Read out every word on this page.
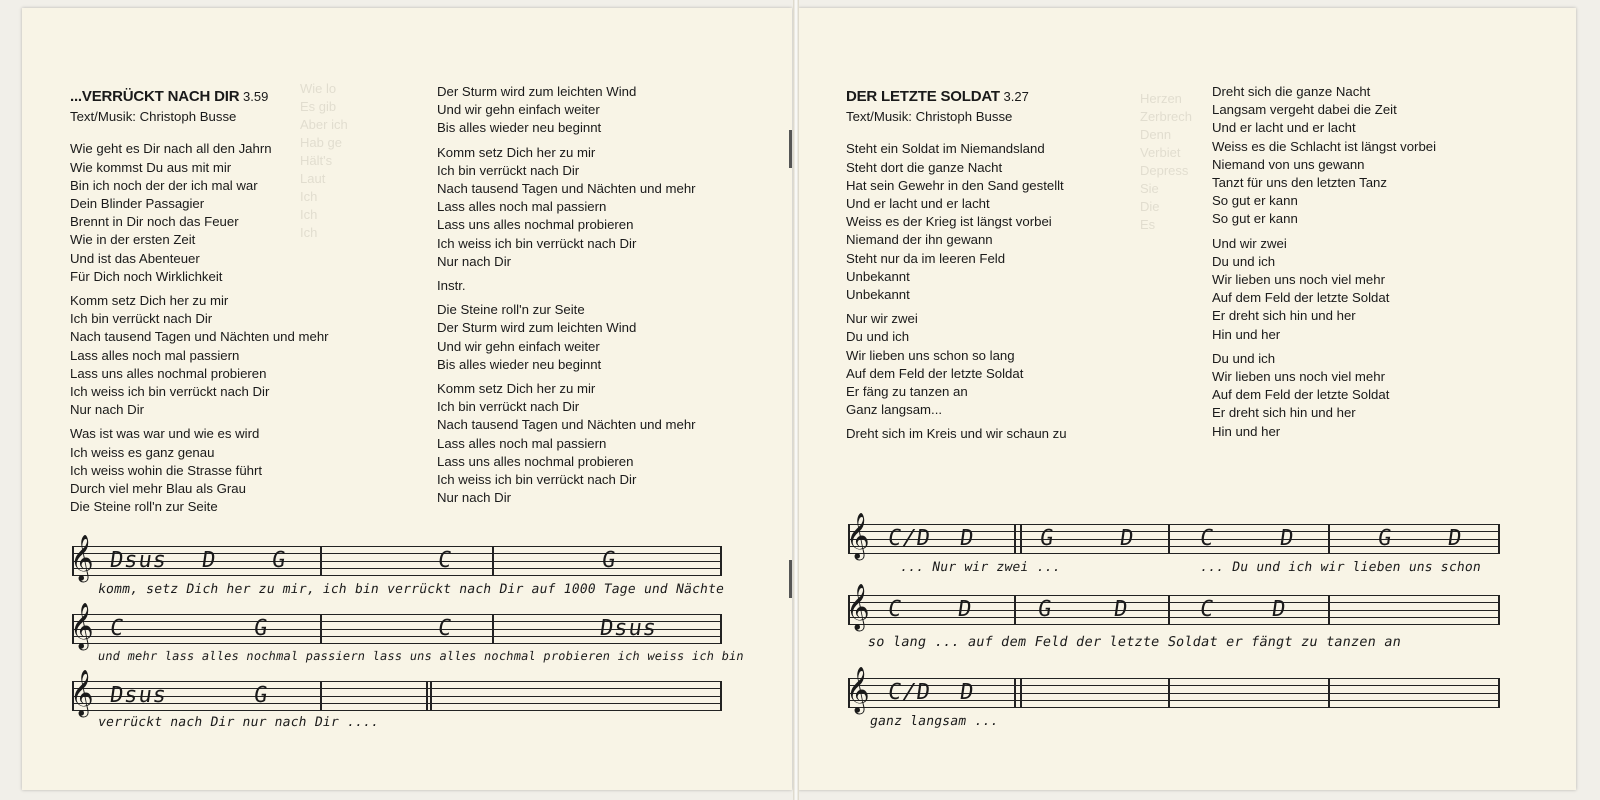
Wie lo
Es gib
Aber ich
Hab ge
Hält's
Laut
Ich
Ich
Ich
Herzen
Zerbrech
Denn
Verbiet
Depress
Sie
Die
Es
...VERRÜCKT NACH DIR 3.59
Text/Musik: Christoph Busse
Wie geht es Dir nach all den Jahrn
Wie kommst Du aus mit mir
Bin ich noch der der ich mal war
Dein Blinder Passagier
Brennt in Dir noch das Feuer
Wie in der ersten Zeit
Und ist das Abenteuer
Für Dich noch Wirklichkeit
Komm setz Dich her zu mir
Ich bin verrückt nach Dir
Nach tausend Tagen und Nächten und mehr
Lass alles noch mal passiern
Lass uns alles nochmal probieren
Ich weiss ich bin verrückt nach Dir
Nur nach Dir
Was ist was war und wie es wird
Ich weiss es ganz genau
Ich weiss wohin die Strasse führt
Durch viel mehr Blau als Grau
Die Steine roll'n zur Seite
Der Sturm wird zum leichten Wind
Und wir gehn einfach weiter
Bis alles wieder neu beginnt
Komm setz Dich her zu mir
Ich bin verrückt nach Dir
Nach tausend Tagen und Nächten und mehr
Lass alles noch mal passiern
Lass uns alles nochmal probieren
Ich weiss ich bin verrückt nach Dir
Nur nach Dir
Instr.
Die Steine roll'n zur Seite
Der Sturm wird zum leichten Wind
Und wir gehn einfach weiter
Bis alles wieder neu beginnt
Komm setz Dich her zu mir
Ich bin verrückt nach Dir
Nach tausend Tagen und Nächten und mehr
Lass alles noch mal passiern
Lass uns alles nochmal probieren
Ich weiss ich bin verrückt nach Dir
Nur nach Dir
DER LETZTE SOLDAT 3.27
Text/Musik: Christoph Busse
Steht ein Soldat im Niemandsland
Steht dort die ganze Nacht
Hat sein Gewehr in den Sand gestellt
Und er lacht und er lacht
Weiss es der Krieg ist längst vorbei
Niemand der ihn gewann
Steht nur da im leeren Feld
Unbekannt
Unbekannt
Nur wir zwei
Du und ich
Wir lieben uns schon so lang
Auf dem Feld der letzte Soldat
Er fäng zu tanzen an
Ganz langsam...
Dreht sich im Kreis und wir schaun zu
Dreht sich die ganze Nacht
Langsam vergeht dabei die Zeit
Und er lacht und er lacht
Weiss es die Schlacht ist längst vorbei
Niemand von uns gewann
Tanzt für uns den letzten Tanz
So gut er kann
So gut er kann
Und wir zwei
Du und ich
Wir lieben uns noch viel mehr
Auf dem Feld der letzte Soldat
Er dreht sich hin und her
Hin und her
Du und ich
Wir lieben uns noch viel mehr
Auf dem Feld der letzte Soldat
Er dreht sich hin und her
Hin und her
𝄞 Dsus D G	C	G
komm, setz Dich her zu mir, ich bin verrückt nach Dir auf 1000 Tage und Nächte
𝄞 C	G	C	Dsus
und mehr lass alles nochmal passiern lass uns alles nochmal probieren ich weiss ich bin
𝄞 Dsus	G
verrückt nach Dir nur nach Dir ....
𝄞 C/D D	G	D	C	D	G D
... Nur wir zwei ...	... Du und ich wir lieben uns schon
𝄞 C D	G	D	C D
so lang ... auf dem Feld der letzte Soldat er fängt zu tanzen an
𝄞 C/D D
ganz langsam ...
